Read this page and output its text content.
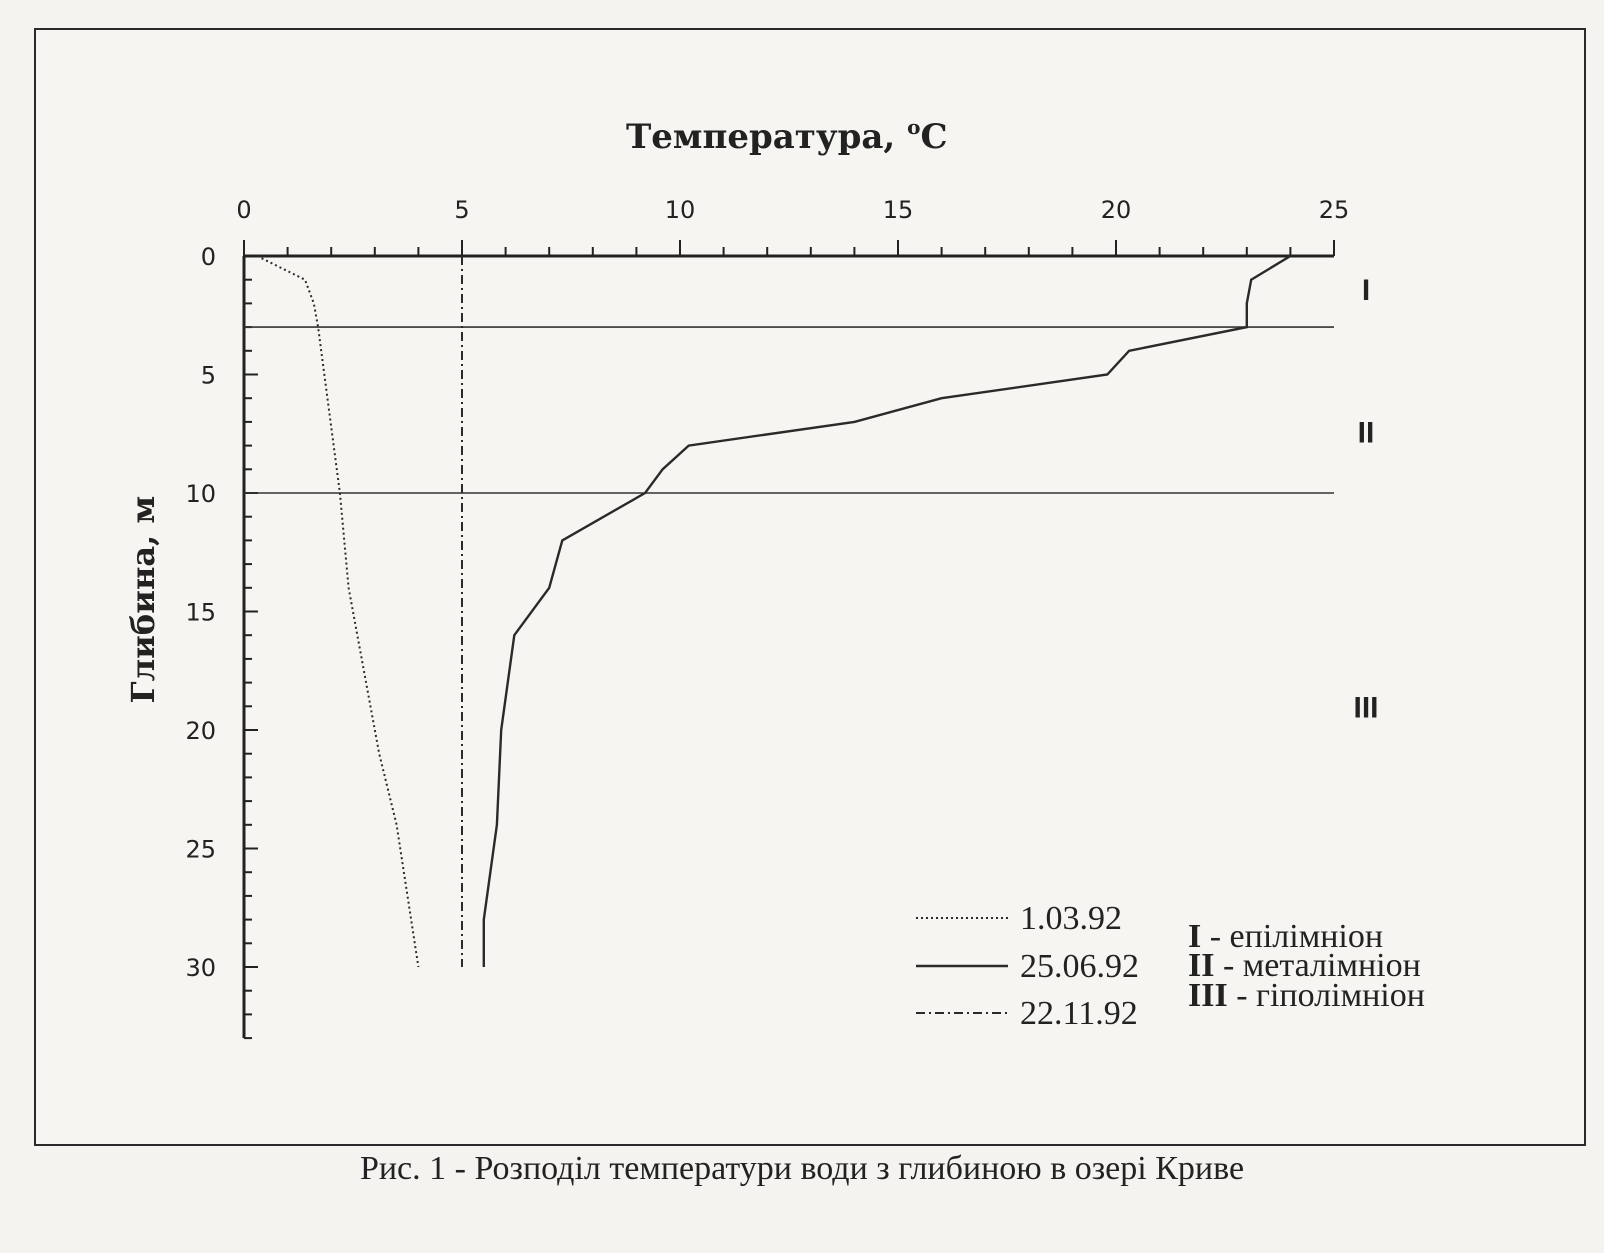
Температура, $^o$C
Глибина, м
0	5	10	15	20	25
0
5
10
15
20
25
30
I
II
III
1.03.92
25.06.92
22.11.92
I - епілімніон
II - металімніон
III - гіполімніон
Рис. 1 - Розподіл температури води з глибиною в озері Криве
